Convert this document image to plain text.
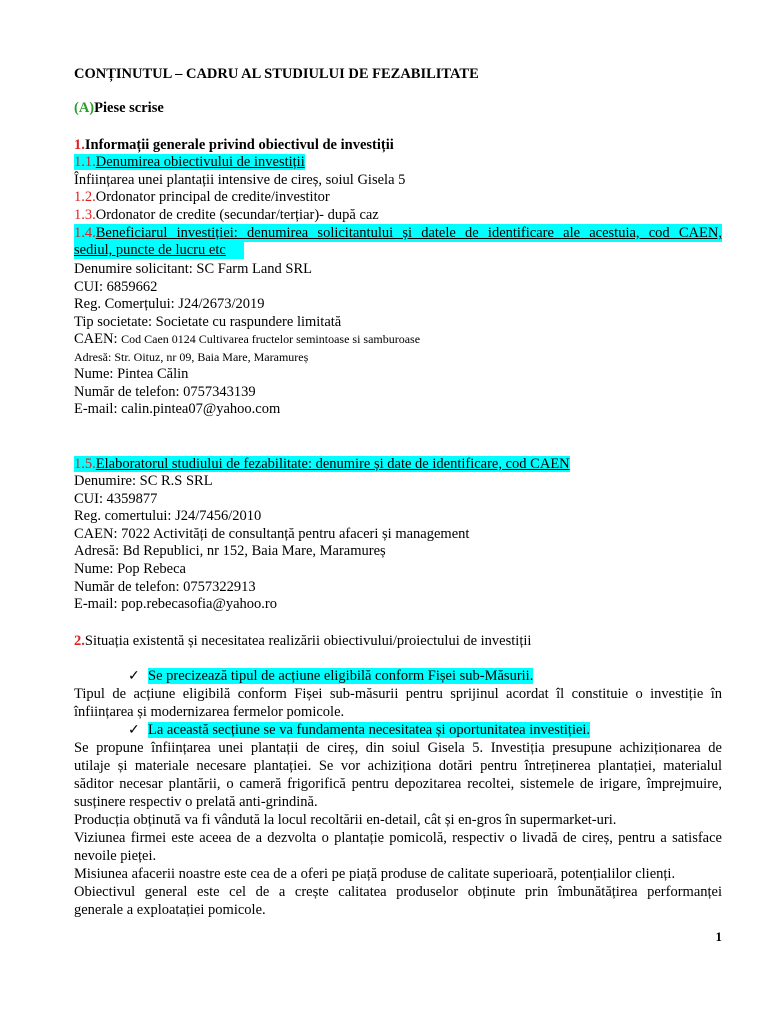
CONȚINUTUL – CADRU AL STUDIULUI DE FEZABILITATE
(A)Piese scrise
1.Informații generale privind obiectivul de investiții
1.1.Denumirea obiectivului de investiții
Înființarea unei plantații intensive de cireș, soiul Gisela 5
1.2.Ordonator principal de credite/investitor
1.3.Ordonator de credite (secundar/terțiar)- după caz
1.4.Beneficiarul investiției: denumirea solicitantului și datele de identificare ale acestuia, cod CAEN,
sediul, puncte de lucru etc
Denumire solicitant: SC Farm Land SRL
CUI: 6859662
Reg. Comerțului: J24/2673/2019
Tip societate: Societate cu raspundere limitată
CAEN: Cod Caen 0124 Cultivarea fructelor semintoase si samburoase
Adresă: Str. Oituz, nr 09, Baia Mare, Maramureș
Nume: Pintea Călin
Număr de telefon: 0757343139
E-mail: calin.pintea07@yahoo.com
1.5.Elaboratorul studiului de fezabilitate: denumire și date de identificare, cod CAEN
Denumire: SC R.S SRL
CUI: 4359877
Reg. comertului: J24/7456/2010
CAEN: 7022 Activități de consultanță pentru afaceri și management
Adresă: Bd Republici, nr 152, Baia Mare, Maramureș
Nume: Pop Rebeca
Număr de telefon: 0757322913
E-mail: pop.rebecasofia@yahoo.ro
2.Situația existentă și necesitatea realizării obiectivului/proiectului de investiții
✓ Se precizează tipul de acțiune eligibilă conform Fișei sub-Măsurii.
Tipul de acțiune eligibilă conform Fișei sub-măsurii pentru sprijinul acordat îl constituie o investiție în
înființarea și modernizarea fermelor pomicole.
✓ La această secțiune se va fundamenta necesitatea și oportunitatea investiției.
Se propune înființarea unei plantații de cireș, din soiul Gisela 5. Investiția presupune achiziționarea de
utilaje și materiale necesare plantației. Se vor achiziționa dotări pentru întreținerea plantației, materialul
săditor necesar plantării, o cameră frigorifică pentru depozitarea recoltei, sistemele de irigare, împrejmuire,
susținere respectiv o prelată anti-grindină.
Producția obținută va fi vândută la locul recoltării en-detail, cât și en-gros în supermarket-uri.
Viziunea firmei este aceea de a dezvolta o plantație pomicolă, respectiv o livadă de cireș, pentru a satisface
nevoile pieței.
Misiunea afacerii noastre este cea de a oferi pe piață produse de calitate superioară, potențialilor clienți.
Obiectivul general este cel de a crește calitatea produselor obținute prin îmbunătățirea performanței
generale a exploatației pomicole.
1
